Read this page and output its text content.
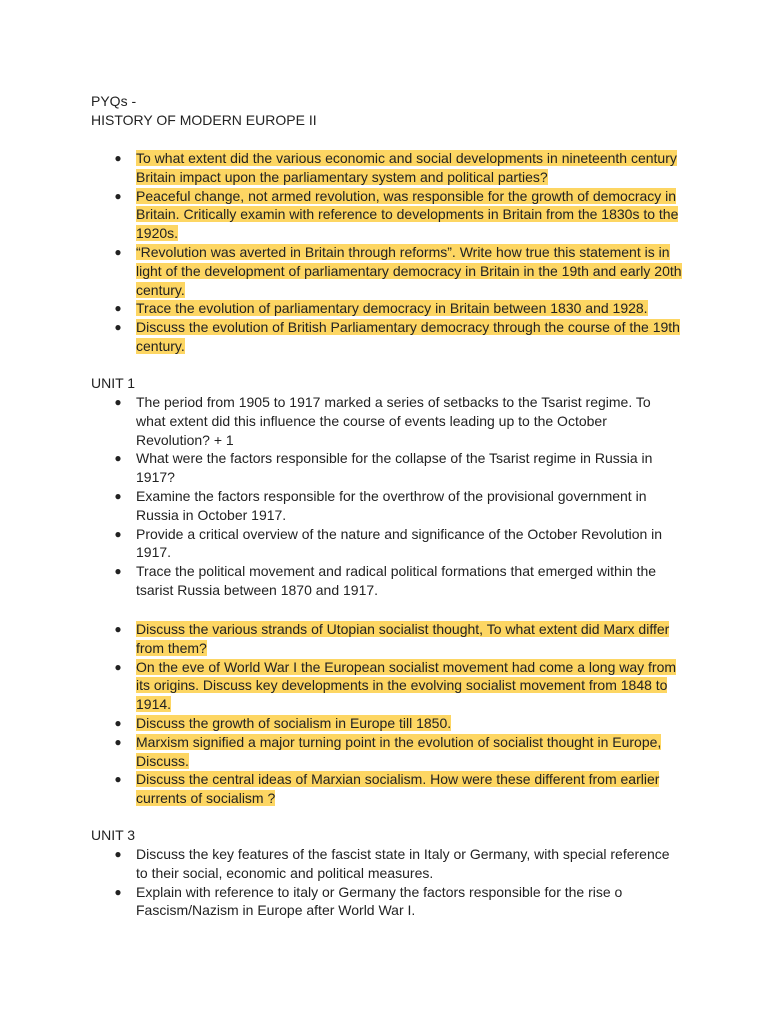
PYQs -
HISTORY OF MODERN EUROPE II
● To what extent did the various economic and social developments in nineteenth century Britain impact upon the parliamentary system and political parties?
● Peaceful change, not armed revolution, was responsible for the growth of democracy in Britain. Critically examin with reference to developments in Britain from the 1830s to the 1920s.
● “Revolution was averted in Britain through reforms”. Write how true this statement is in light of the development of parliamentary democracy in Britain in the 19th and early 20th century.
● Trace the evolution of parliamentary democracy in Britain between 1830 and 1928.
● Discuss the evolution of British Parliamentary democracy through the course of the 19th century.
UNIT 1
● The period from 1905 to 1917 marked a series of setbacks to the Tsarist regime. To what extent did this influence the course of events leading up to the October Revolution? + 1
● What were the factors responsible for the collapse of the Tsarist regime in Russia in 1917?
● Examine the factors responsible for the overthrow of the provisional government in Russia in October 1917.
● Provide a critical overview of the nature and significance of the October Revolution in 1917.
● Trace the political movement and radical political formations that emerged within the tsarist Russia between 1870 and 1917.
● Discuss the various strands of Utopian socialist thought, To what extent did Marx differ from them?
● On the eve of World War I the European socialist movement had come a long way from its origins. Discuss key developments in the evolving socialist movement from 1848 to 1914.
● Discuss the growth of socialism in Europe till 1850.
● Marxism signified a major turning point in the evolution of socialist thought in Europe, Discuss.
● Discuss the central ideas of Marxian socialism. How were these different from earlier currents of socialism ?
UNIT 3
● Discuss the key features of the fascist state in Italy or Germany, with special reference to their social, economic and political measures.
● Explain with reference to italy or Germany the factors responsible for the rise o Fascism/Nazism in Europe after World War I.
